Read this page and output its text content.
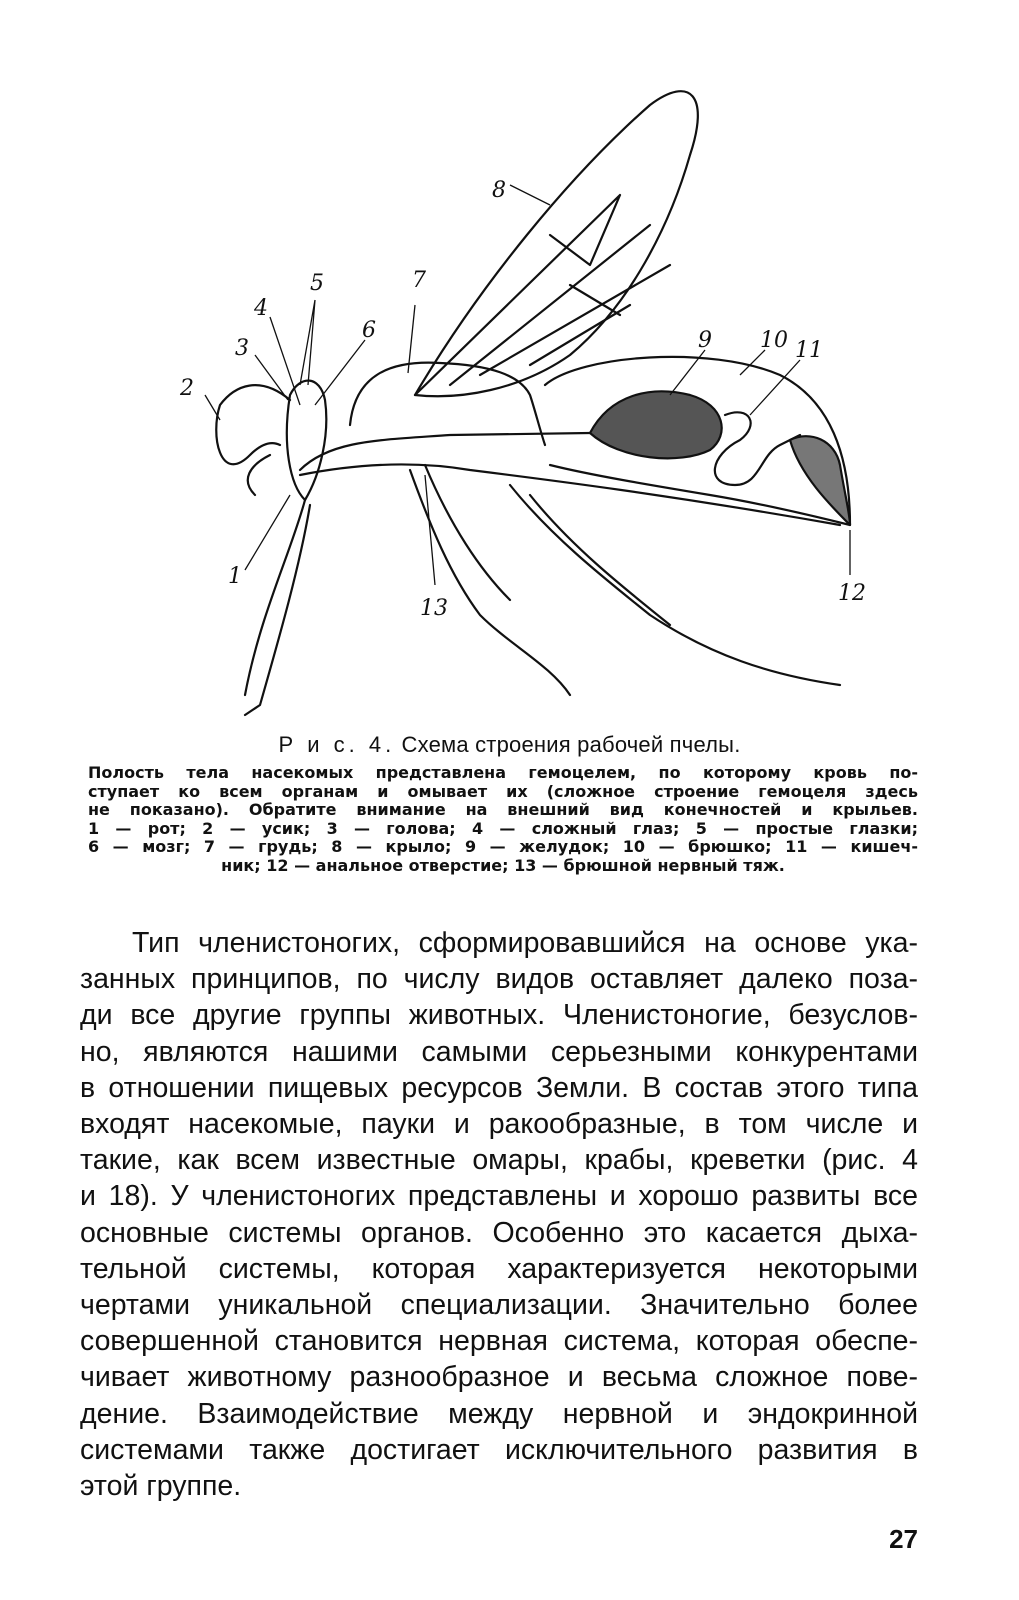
1
2
3
4
5
6
7
8
9 10 11
12
13
Р и с. 4. Схема строения рабочей пчелы.
Полость тела насекомых представлена гемоцелем, по которому кровь по-
ступает ко всем органам и омывает их (сложное строение гемоцеля здесь
не показано). Обратите внимание на внешний вид конечностей и крыльев.
1 — рот; 2 — усик; 3 — голова; 4 — сложный глаз; 5 — простые глазки;
6 — мозг; 7 — грудь; 8 — крыло; 9 — желудок; 10 — брюшко; 11 — кишеч-
ник; 12 — анальное отверстие; 13 — брюшной нервный тяж.
Тип членистоногих, сформировавшийся на основе ука-
занных принципов, по числу видов оставляет далеко поза-
ди все другие группы животных. Членистоногие, безуслов-
но, являются нашими самыми серьезными конкурентами
в отношении пищевых ресурсов Земли. В состав этого типа
входят насекомые, пауки и ракообразные, в том числе и
такие, как всем известные омары, крабы, креветки (рис. 4
и 18). У членистоногих представлены и хорошо развиты все
основные системы органов. Особенно это касается дыха-
тельной системы, которая характеризуется некоторыми
чертами уникальной специализации. Значительно более
совершенной становится нервная система, которая обеспе-
чивает животному разнообразное и весьма сложное пове-
дение. Взаимодействие между нервной и эндокринной
системами также достигает исключительного развития в
этой группе.
27
